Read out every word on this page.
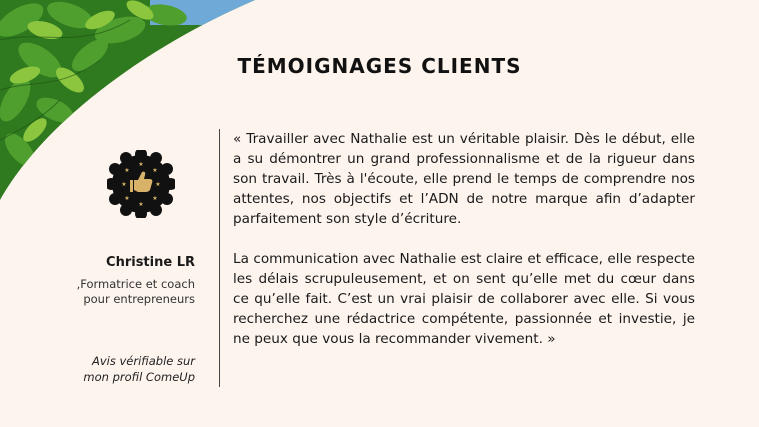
TÉMOIGNAGES CLIENTS
★
★	★
★	★
★	★
★
Christine LR
,Formatrice et coach
pour entrepreneurs
Avis vérifiable sur
mon profil ComeUp

« Travailler avec Nathalie est un véritable plaisir. Dès le début, elle a su démontrer un grand professionnalisme et de la rigueur dans son travail. Très à l'écoute, elle prend le temps de comprendre nos attentes, nos objectifs et l’ADN de notre marque afin d’adapter parfaitement son style d’écriture.

La communication avec Nathalie est claire et efficace, elle respecte les délais scrupuleusement, et on sent qu’elle met du cœur dans ce qu’elle fait. C’est un vrai plaisir de collaborer avec elle. Si vous recherchez une rédactrice compétente, passionnée et investie, je ne peux que vous la recommander vivement. »
